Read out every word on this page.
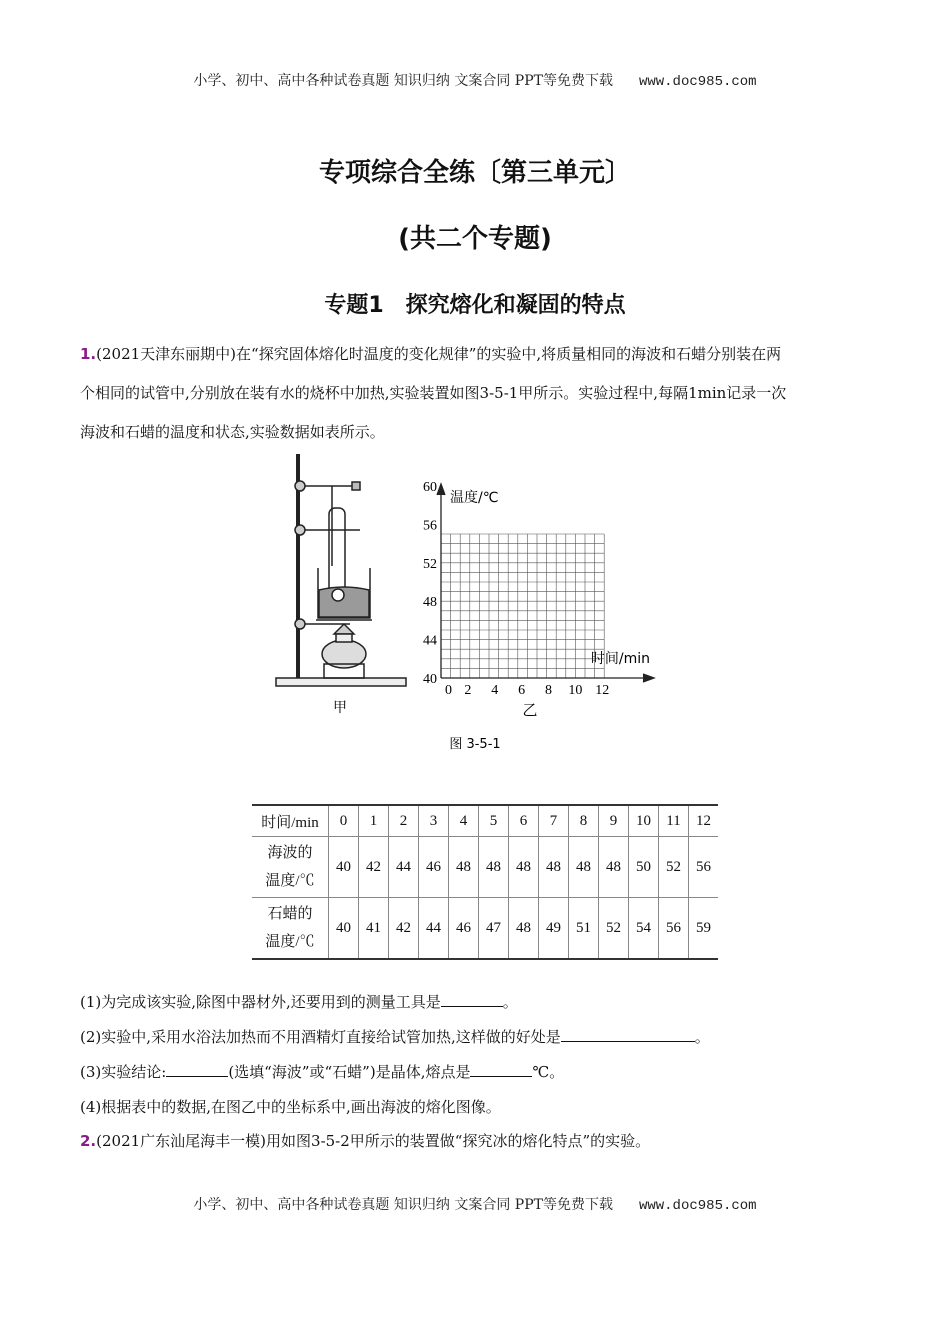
小学、初中、高中各种试卷真题 知识归纳 文案合同 PPT等免费下载 www.doc985.com
专项综合全练〔第三单元〕
(共二个专题)
专题1　探究熔化和凝固的特点
1.(2021天津东丽期中)在“探究固体熔化时温度的变化规律”的实验中,将质量相同的海波和石蜡分别装在两
个相同的试管中,分别放在装有水的烧杯中加热,实验装置如图3-5-1甲所示。实验过程中,每隔1min记录一次
海波和石蜡的温度和状态,实验数据如表所示。
甲
温度/℃
时间/min
40
44
48
52
56
60
2 4 6 8 10 12
0
乙
图 3-5-1
时间/min	0	1	2	3	4	5	6	7	8	9	10	11	12

海波的
温度/℃	40	42	44	46	48	48	48	48	48	48	50	52	56

石蜡的
温度/℃	40	41	42	44	46	47	48	49	51	52	54	56	59
(1)为完成该实验,除图中器材外,还要用到的测量工具是	。
(2)实验中,采用水浴法加热而不用酒精灯直接给试管加热,这样做的好处是	。
(3)实验结论:	(选填“海波”或“石蜡”)是晶体,熔点是	℃。
(4)根据表中的数据,在图乙中的坐标系中,画出海波的熔化图像。
2.(2021广东汕尾海丰一模)用如图3-5-2甲所示的装置做“探究冰的熔化特点”的实验。
小学、初中、高中各种试卷真题 知识归纳 文案合同 PPT等免费下载 www.doc985.com
